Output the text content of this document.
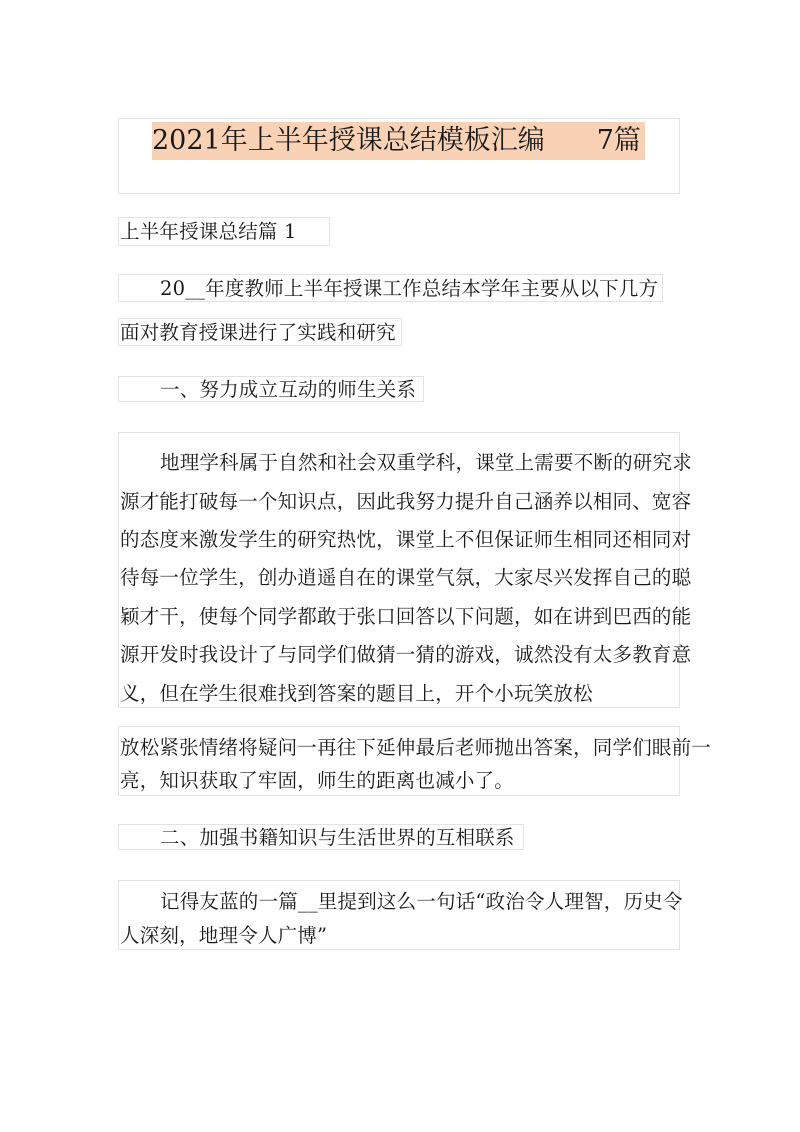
2021年上半年授课总结模板汇编 7篇
上半年授课总结篇 1
20__年度教师上半年授课工作总结本学年主要从以下几方
面对教育授课进行了实践和研究
一、努力成立互动的师生关系
地理学科属于自然和社会双重学科，课堂上需要不断的研究求
源才能打破每一个知识点，因此我努力提升自己涵养以相同、宽容
的态度来激发学生的研究热忱，课堂上不但保证师生相同还相同对
待每一位学生，创办逍遥自在的课堂气氛，大家尽兴发挥自己的聪
颖才干，使每个同学都敢于张口回答以下问题，如在讲到巴西的能
源开发时我设计了与同学们做猜一猜的游戏，诚然没有太多教育意
义，但在学生很难找到答案的题目上，开个小玩笑放松
放松紧张情绪将疑问一再往下延伸最后老师抛出答案，同学们眼前一
亮，知识获取了牢固，师生的距离也减小了。
二、加强书籍知识与生活世界的互相联系
记得友蓝的一篇__里提到这么一句话“政治令人理智，历史令
人深刻，地理令人广博”
